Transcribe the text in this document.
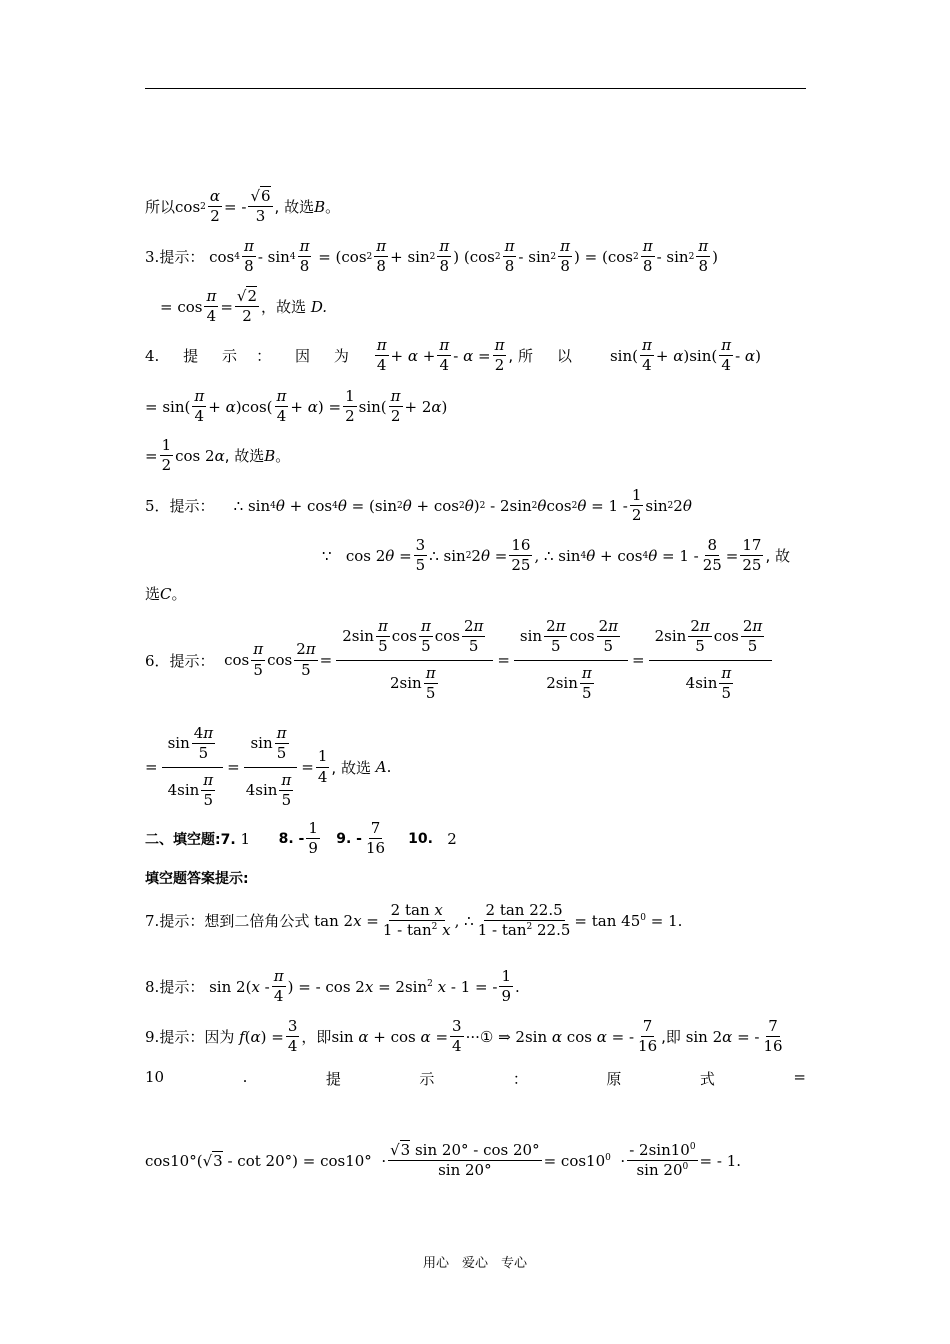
所以 $\cos 2 \frac{\alpha}{2}$ = - $\frac{√6}{3}$ , 故选 B 。
3. 提示：
$\cos 4 \frac{\pi}{8} - \sin 4 \frac{\pi}{8} = (\cos$ $2 \frac{\pi}{8} + \sin 2 \frac{\pi}{8}$ ) (cos $2 \frac{\pi}{8}$ - $\sin 2 \frac{\pi}{8}$ ) = (cos $2 \frac{\pi}{8}$ - $\sin 2 \frac{\pi}{8}$ )
= $\cos \frac{\pi}{4} = \frac{√2}{2}$ ，故选
D.
4.
提
示
：
因
为
$\frac{\pi}{4} + \alpha + \frac{\pi}{4} - \alpha = \frac{\pi}{2}$ , 所
以
	$\sin( \frac{\pi}{4} + \alpha)\sin( \frac{\pi}{4} - \alpha)$
= $\sin( \frac{\pi}{4} + \alpha)\cos( \frac{\pi}{4} + \alpha) = \frac{1}{2} \sin( \frac{\pi}{2} + 2\alpha)$
= $\frac{1}{2}$ cos 2α , 故选 B 。
5． 提示：
∴ sin 4 θ + cos 4 θ = (sin 2 θ + cos 2 θ) 2 - 2sin 2 θcos 2 $\theta = 1 - \frac{1}{2}$ sin 2 2θ
∵   $\cos 2\theta = \frac{3}{5}$ ∴ sin 2 $2\theta = \frac{16}{25}$ , ∴ sin 4 θ + cos 4 $\theta = 1 - \frac{8}{25} = \frac{17}{25}$ , 故
选 C 。
6． 提示：
$\cos \frac{\pi}{5}$ $\cos \frac{2\pi}{5} = \frac{2\sin \frac{\pi}{5} \cos \frac{\pi}{5} \cos \frac{2\pi}{5}}{2\sin \frac{\pi}{5}} = \frac{\sin \frac{2\pi}{5} \cos \frac{2\pi}{5}}{2\sin \frac{\pi}{5}} = \frac{2\sin \frac{2\pi}{5} \cos \frac{2\pi}{5}}{4\sin \frac{\pi}{5}}$
= $\frac{\sin \frac{4\pi}{5}}{4\sin \frac{\pi}{5}} = \frac{\sin \frac{\pi}{5}}{4\sin \frac{\pi}{5}} = \frac{1}{4}$ , 故选
A .
二、填空题:7.
1
8. - $\frac{1}{9}$
9. - $\frac{7}{16}$
10.
2
填空题答案提示:
7. 提示：想到二倍角公式
$\tan 2x = \frac{\text{2 tan x}}{1 - \tan^2 x}$ , ∴ $\frac{2 \tan 22.5}{1 - \tan^2 22.5} = \tan 45^0 = 1$.
8. 提示：
$\sin 2(x - \frac{\pi}{4}$ ) = - $\cos 2x = 2\sin^2$ x - 1 = - $\frac{1}{9}$ .
9. 提示：因为
$f(\alpha) = \frac{3}{4}$ ，即 $\sin \alpha + \cos \alpha = \frac{3}{4}$ ···① ⇒ 2sin α cos α = - $\frac{7}{16}$ ,即
sin 2α = - $\frac{7}{16}$
10	.	提	示	：	原	式	=
$\cos 10^\circ(√3 - \cot 20^\circ) = \cos 10^\circ \cdot \frac{√3 \sin 20^\circ - \cos 20^\circ}{\sin 20^\circ} = \cos 10^0 \cdot \frac{- 2\sin 10^0}{\sin 20^0}$ = - 1.
用心　爱心　专心
